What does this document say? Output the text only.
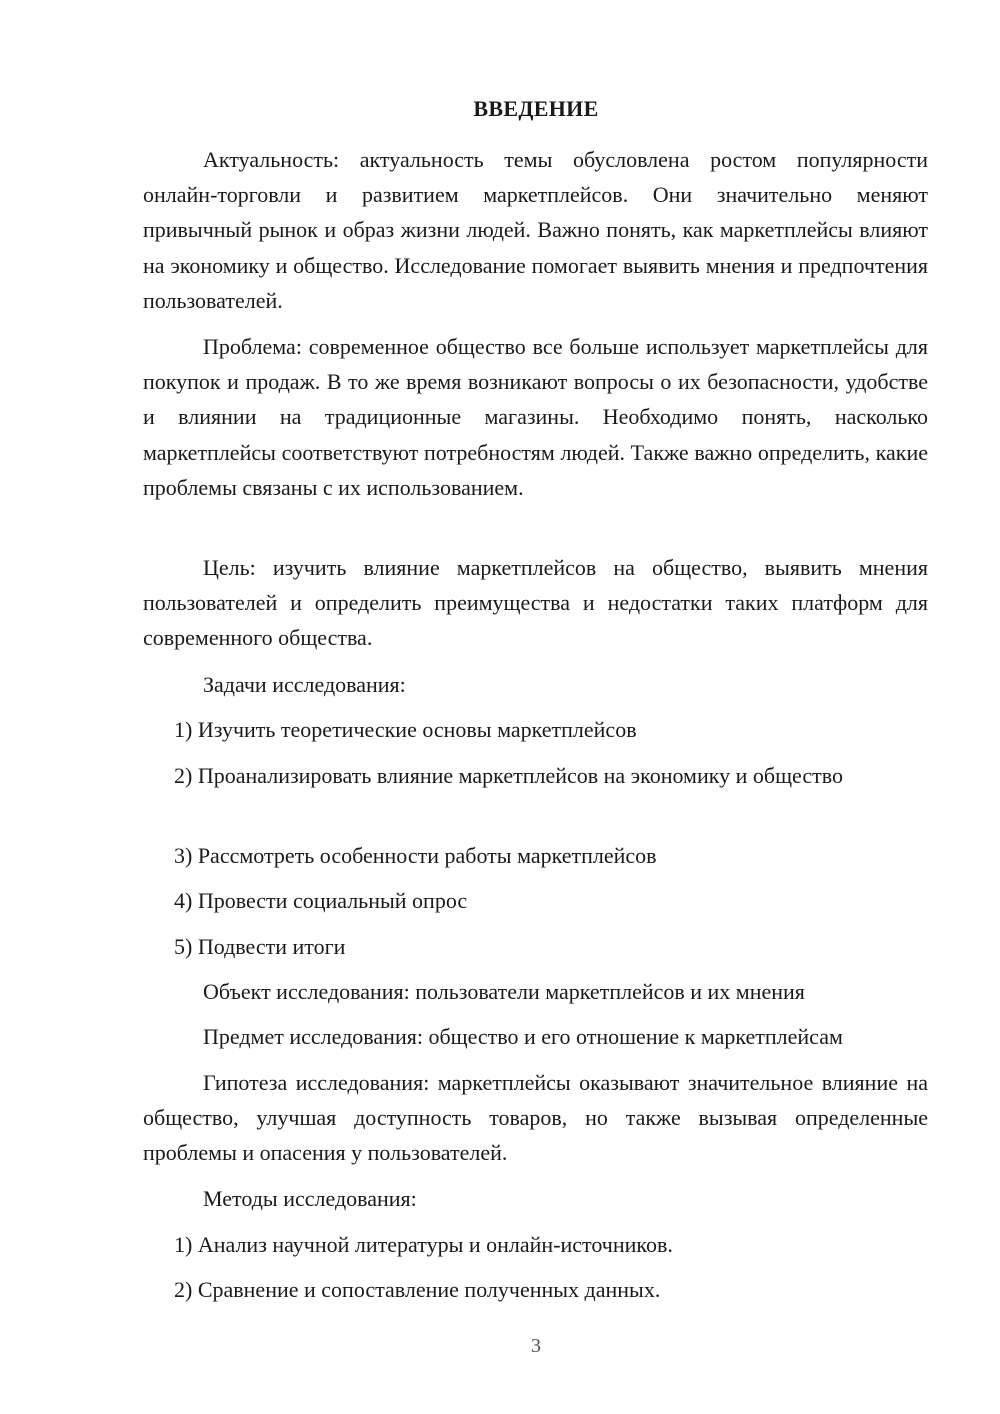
ВВЕДЕНИЕ

Актуальность: актуальность темы обусловлена ростом популярности онлайн-торговли и развитием маркетплейсов. Они значительно меняют привычный рынок и образ жизни людей. Важно понять, как маркетплейсы влияют на экономику и общество. Исследование помогает выявить мнения и предпочтения пользователей.

Проблема: современное общество все больше использует маркетплейсы для покупок и продаж. В то же время возникают вопросы о их безопасности, удобстве и влиянии на традиционные магазины. Необходимо понять, насколько маркетплейсы соответствуют потребностям людей. Также важно определить, какие проблемы связаны с их использованием.

Цель: изучить влияние маркетплейсов на общество, выявить мнения пользователей и определить преимущества и недостатки таких платформ для современного общества.

Задачи исследования:

1) Изучить теоретические основы маркетплейсов

2) Проанализировать влияние маркетплейсов на экономику и общество

3) Рассмотреть особенности работы маркетплейсов

4) Провести социальный опрос

5) Подвести итоги

Объект исследования: пользователи маркетплейсов и их мнения

Предмет исследования: общество и его отношение к маркетплейсам

Гипотеза исследования: маркетплейсы оказывают значительное влияние на общество, улучшая доступность товаров, но также вызывая определенные проблемы и опасения у пользователей.

Методы исследования:

1) Анализ научной литературы и онлайн-источников.

2) Сравнение и сопоставление полученных данных.

3
